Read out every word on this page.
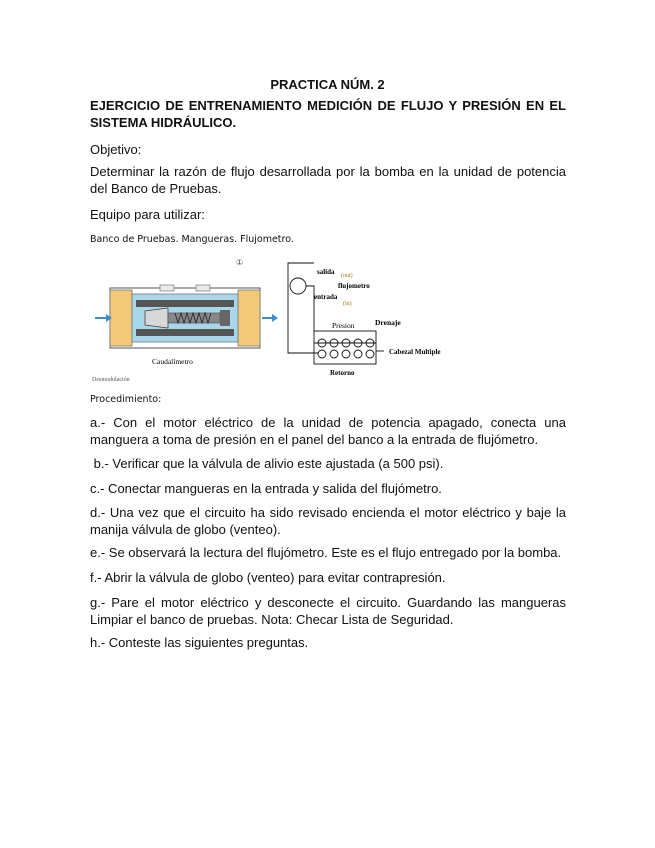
PRACTICA NÚM. 2
EJERCICIO DE ENTRENAMIENTO MEDICIÓN DE FLUJO Y PRESIÓN EN EL SISTEMA HIDRÁULICO.
Objetivo:
Determinar la razón de flujo desarrollada por la bomba en la unidad de potencia del Banco de Pruebas.
Equipo para utilizar:
Banco de Pruebas. Mangueras. Flujometro.
Caudalímetro
Desmodulación
①
salida (out)
flujometro
entrada
(in)
Presion	Drenaje
Cabezal Multiple
Retorno
Procedimiento:
a.- Con el motor eléctrico de la unidad de potencia apagado, conecta una manguera a toma de presión en el panel del banco a la entrada de flujómetro.
b.- Verificar que la válvula de alivio este ajustada (a 500 psi).
c.- Conectar mangueras en la entrada y salida del flujómetro.
d.- Una vez que el circuito ha sido revisado encienda el motor eléctrico y baje la manija válvula de globo (venteo).
e.- Se observará la lectura del flujómetro. Este es el flujo entregado por la bomba.
f.- Abrir la válvula de globo (venteo) para evitar contrapresión.
g.- Pare el motor eléctrico y desconecte el circuito. Guardando las mangueras Limpiar el banco de pruebas. Nota: Checar Lista de Seguridad.
h.- Conteste las siguientes preguntas.
